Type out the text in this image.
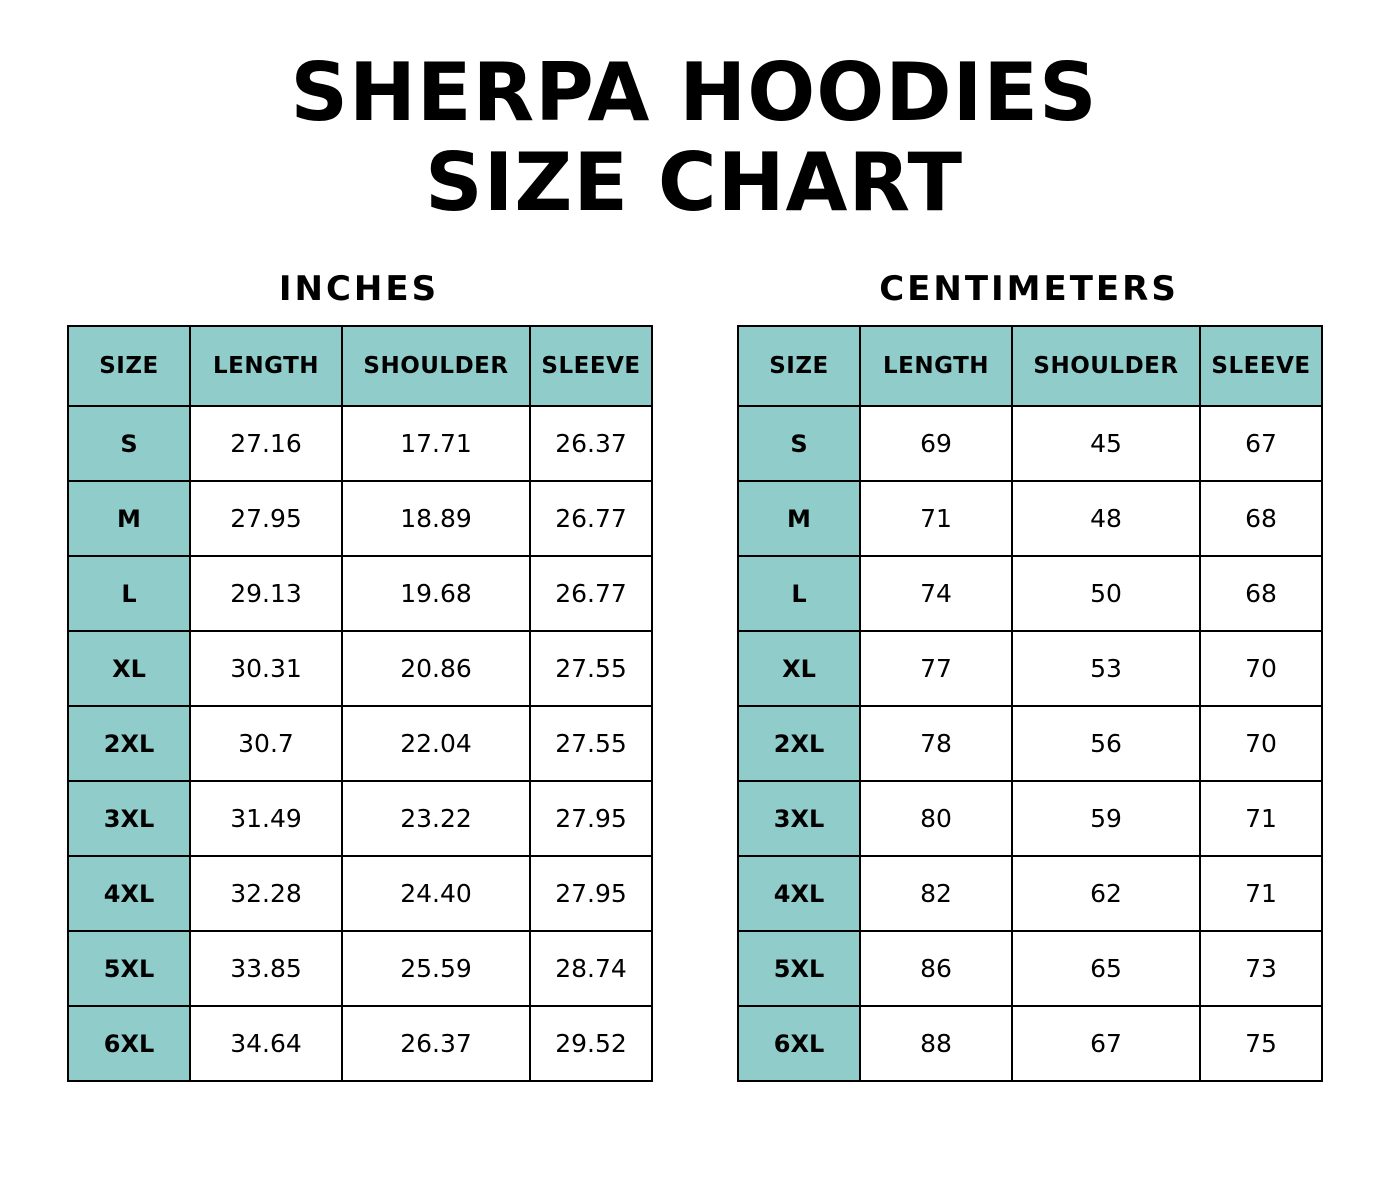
SHERPA HOODIES
SIZE CHART
INCHES
SIZE	LENGTH	SHOULDER	SLEEVE
S	27.16	17.71	26.37
M	27.95	18.89	26.77
L	29.13	19.68	26.77
XL	30.31	20.86	27.55
2XL	30.7	22.04	27.55
3XL	31.49	23.22	27.95
4XL	32.28	24.40	27.95
5XL	33.85	25.59	28.74
6XL	34.64	26.37	29.52
CENTIMETERS
SIZE	LENGTH	SHOULDER	SLEEVE
S	69	45	67
M	71	48	68
L	74	50	68
XL	77	53	70
2XL	78	56	70
3XL	80	59	71
4XL	82	62	71
5XL	86	65	73
6XL	88	67	75
